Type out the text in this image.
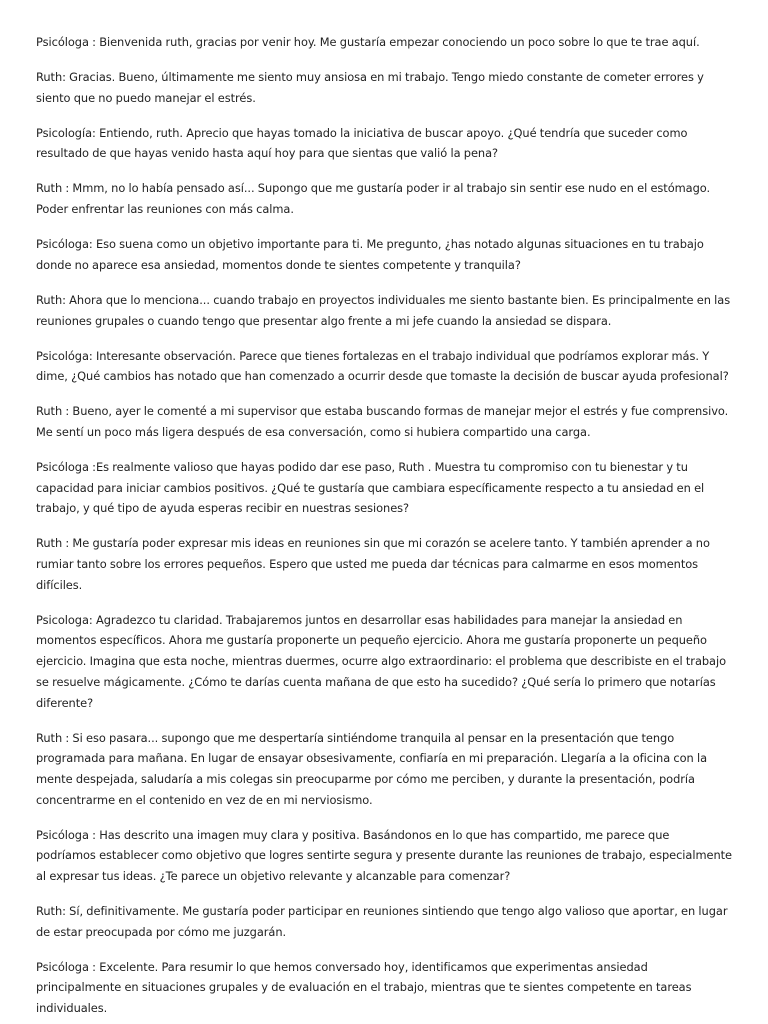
Psicóloga : Bienvenida ruth, gracias por venir hoy. Me gustaría empezar conociendo un poco sobre lo que te trae aquí.

Ruth: Gracias. Bueno, últimamente me siento muy ansiosa en mi trabajo. Tengo miedo constante de cometer errores y siento que no puedo manejar el estrés.

Psicología: Entiendo, ruth. Aprecio que hayas tomado la iniciativa de buscar apoyo. ¿Qué tendría que suceder como resultado de que hayas venido hasta aquí hoy para que sientas que valió la pena?

Ruth : Mmm, no lo había pensado así... Supongo que me gustaría poder ir al trabajo sin sentir ese nudo en el estómago. Poder enfrentar las reuniones con más calma.

Psicóloga: Eso suena como un objetivo importante para ti. Me pregunto, ¿has notado algunas situaciones en tu trabajo donde no aparece esa ansiedad, momentos donde te sientes competente y tranquila?

Ruth: Ahora que lo menciona... cuando trabajo en proyectos individuales me siento bastante bien. Es principalmente en las reuniones grupales o cuando tengo que presentar algo frente a mi jefe cuando la ansiedad se dispara.

Psicológa: Interesante observación. Parece que tienes fortalezas en el trabajo individual que podríamos explorar más. Y dime, ¿Qué cambios has notado que han comenzado a ocurrir desde que tomaste la decisión de buscar ayuda profesional?

Ruth : Bueno, ayer le comenté a mi supervisor que estaba buscando formas de manejar mejor el estrés y fue comprensivo. Me sentí un poco más ligera después de esa conversación, como si hubiera compartido una carga.

Psicóloga :Es realmente valioso que hayas podido dar ese paso, Ruth . Muestra tu compromiso con tu bienestar y tu capacidad para iniciar cambios positivos. ¿Qué te gustaría que cambiara específicamente respecto a tu ansiedad en el trabajo, y qué tipo de ayuda esperas recibir en nuestras sesiones?

Ruth : Me gustaría poder expresar mis ideas en reuniones sin que mi corazón se acelere tanto. Y también aprender a no rumiar tanto sobre los errores pequeños. Espero que usted me pueda dar técnicas para calmarme en esos momentos difíciles.

Psicologa: Agradezco tu claridad. Trabajaremos juntos en desarrollar esas habilidades para manejar la ansiedad en momentos específicos. Ahora me gustaría proponerte un pequeño ejercicio. Ahora me gustaría proponerte un pequeño ejercicio. Imagina que esta noche, mientras duermes, ocurre algo extraordinario: el problema que describiste en el trabajo se resuelve mágicamente. ¿Cómo te darías cuenta mañana de que esto ha sucedido? ¿Qué sería lo primero que notarías diferente?

Ruth : Si eso pasara... supongo que me despertaría sintiéndome tranquila al pensar en la presentación que tengo programada para mañana. En lugar de ensayar obsesivamente, confiaría en mi preparación. Llegaría a la oficina con la mente despejada, saludaría a mis colegas sin preocuparme por cómo me perciben, y durante la presentación, podría concentrarme en el contenido en vez de en mi nerviosismo.

Psicóloga : Has descrito una imagen muy clara y positiva. Basándonos en lo que has compartido, me parece que podríamos establecer como objetivo que logres sentirte segura y presente durante las reuniones de trabajo, especialmente al expresar tus ideas. ¿Te parece un objetivo relevante y alcanzable para comenzar?

Ruth: Sí, definitivamente. Me gustaría poder participar en reuniones sintiendo que tengo algo valioso que aportar, en lugar de estar preocupada por cómo me juzgarán.

Psicóloga : Excelente. Para resumir lo que hemos conversado hoy, identificamos que experimentas ansiedad principalmente en situaciones grupales y de evaluación en el trabajo, mientras que te sientes competente en tareas individuales.
